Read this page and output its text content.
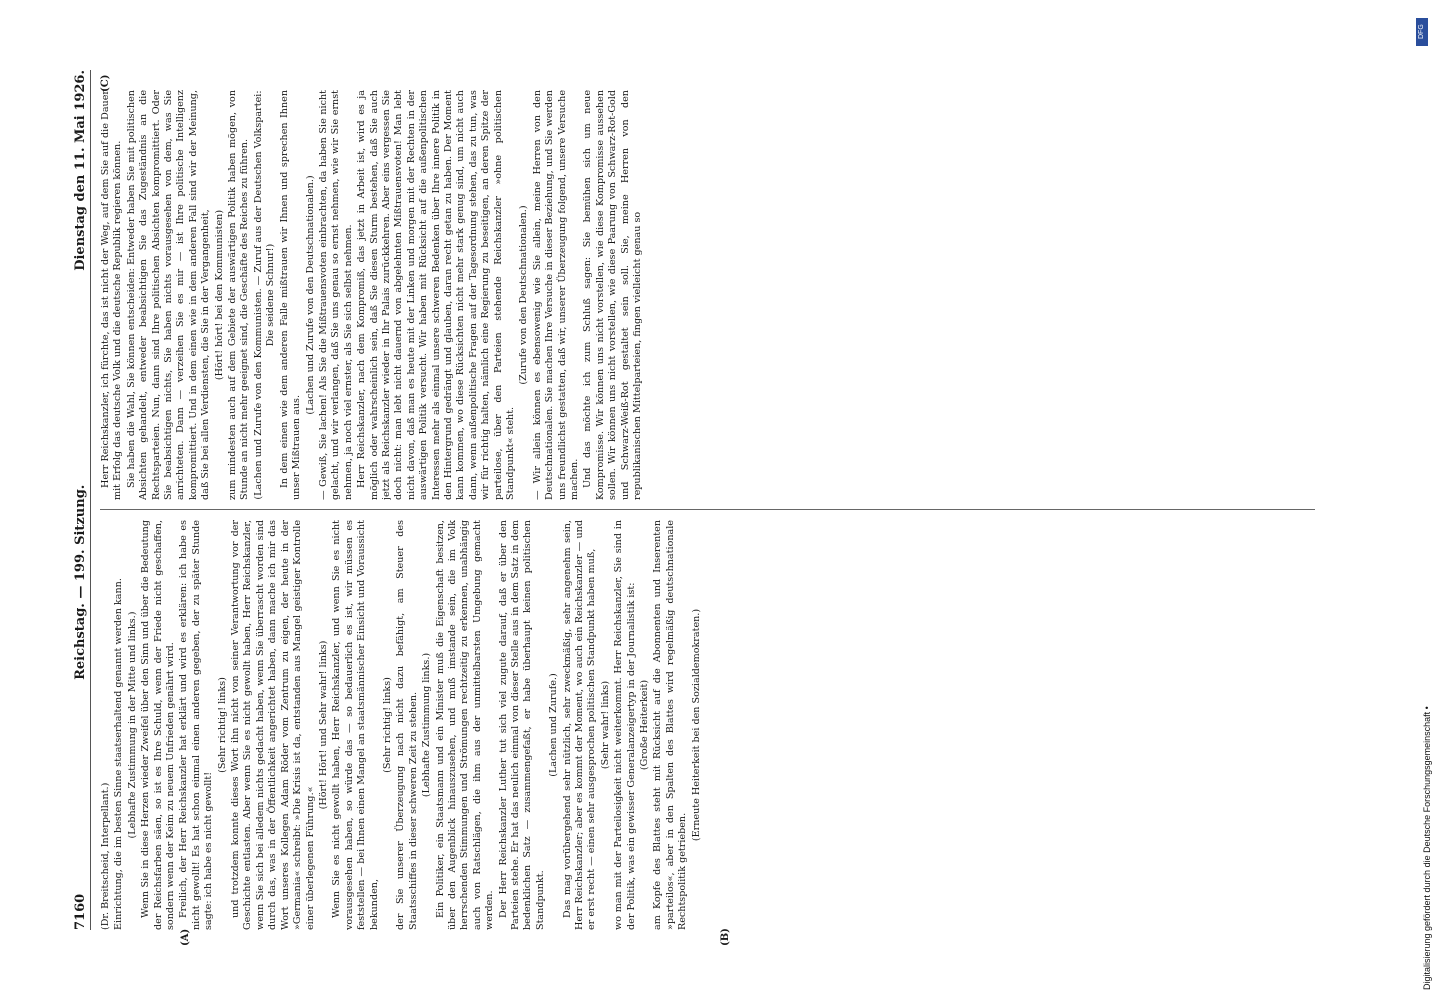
7160
Reichstag. — 199. Sitzung.
Dienstag den 11. Mai 1926.

(Dr. Breitscheid, Interpellant.) Einrichtung, die im besten Sinne staatserhaltend genannt werden kann. (Lebhafte Zustimmung in der Mitte und links.) Wenn Sie in diese Herzen wieder Zweifel über den Sinn und über die Bedeutung der Reichsfarben säen, so ist es Ihre Schuld, wenn der Friede nicht geschaffen, sondern wenn der Keim zu neuem Unfrieden genährt wird. Freilich, der Herr Reichskanzler hat erklärt und wird es erklären: ich habe es nicht gewollt! Es hat schon einmal einen anderen gegeben, der zu später Stunde sagte: ich habe es nicht gewollt!

(Sehr richtig! links) und trotzdem konnte dieses Wort ihn nicht von seiner Verantwortung vor der Geschichte entlasten. Aber wenn Sie es nicht gewollt haben, Herr Reichskanzler, wenn Sie sich bei alledem nichts gedacht haben, wenn Sie überrascht worden sind durch das, was in der Öffentlichkeit angerichtet haben, dann mache ich mir das Wort unseres Kollegen Adam Röder vom Zentrum zu eigen, der heute in der »Germania« schreibt: »Die Krisis ist da, entstanden aus Mangel geistiger Kontrolle einer überlegenen Führung.«

(Hört! Hört! und Sehr wahr! links) Wenn Sie es nicht gewollt haben, Herr Reichskanzler, und wenn Sie es nicht vorausgesehen haben, so würde das — so bedauerlich es ist, wir müssen es feststellen — bei Ihnen einen Mangel an staatsmännischer Einsicht und Voraussicht bekunden,

(Sehr richtig! links) der Sie unserer Überzeugung nach nicht dazu befähigt, am Steuer des Staatsschiffes in dieser schweren Zeit zu stehen. (Lebhafte Zustimmung links.) Ein Politiker, ein Staatsmann und ein Minister muß die Eigenschaft besitzen, über den Augenblick hinauszusehen, und muß imstande sein, die im Volk herrschenden Stimmungen und Strömungen rechtzeitig zu erkennen, unabhängig auch von Ratschlägen, die ihm aus der unmittelbarsten Umgebung gemacht werden. Der Herr Reichskanzler Luther tut sich viel zugute darauf, daß er über den Parteien stehe. Er hat das neulich einmal von dieser Stelle aus in dem Satz in dem bedenklichen Satz — zusammengefaßt, er habe überhaupt keinen politischen Standpunkt.

(Lachen und Zurufe.) Das mag vorübergehend sehr nützlich, sehr zweckmäßig, sehr angenehm sein, Herr Reichskanzler; aber es kommt der Moment, wo auch ein Reichskanzler — und er erst recht — einen sehr ausgesprochen politischen Standpunkt haben muß, (Sehr wahr! links) wo man mit der Parteilosigkeit nicht weiterkommt. Herr Reichskanzler, Sie sind in der Politik, was ein gewisser Generalanzeigertyp in der Journalistik ist: (Große Heiterkeit) am Kopfe des Blattes steht mit Rücksicht auf die Abonnenten und Inserenten »parteilos«, aber in den Spalten des Blattes wird regelmäßig deutschnationale Rechtspolitik getrieben.

(Erneute Heiterkeit bei den Sozialdemokraten.)

Herr Reichskanzler, ich fürchte, das ist nicht der Weg, auf dem Sie auf die Dauer mit Erfolg das deutsche Volk und die deutsche Republik regieren können. Sie haben die Wahl, Sie können entscheiden: Entweder haben Sie mit politischen Absichten gehandelt, entweder beabsichtigen Sie das Zugeständnis an die Rechtsparteien. Nun, dann sind Ihre politischen Absichten kompromittiert. Oder Sie beabsichtigen nichts, Sie haben nichts vorausgesehen von dem, was Sie anrichteten. Dann — verzeihen Sie es mir — ist Ihre politische Intelligenz kompromittiert. Und in dem einen wie in dem anderen Fall sind wir der Meinung, daß Sie bei allen Verdiensten, die Sie in der Vergangenheit, (Hört! hört! bei den Kommunisten) zum mindesten auch auf dem Gebiete der auswärtigen Politik haben mögen, von Stunde an nicht mehr geeignet sind, die Geschäfte des Reiches zu führen. (Lachen und Zurufe von den Kommunisten. — Zuruf aus der Deutschen Volkspartei: Die seidene Schnur!) In dem einen wie dem anderen Falle mißtrauen wir Ihnen und sprechen Ihnen unser Mißtrauen aus.

(Lachen und Zurufe von den Deutschnationalen.) — Gewiß, Sie lachen! Als Sie die Mißtrauensvoten einbrachten, da haben Sie nicht gelacht, und wir verlangen, daß Sie uns genau so ernst nehmen, wie wir Sie ernst nehmen, ja noch viel ernster, als Sie sich selbst nehmen. Herr Reichskanzler, nach dem Kompromiß, das jetzt in Arbeit ist, wird es ja möglich oder wahrscheinlich sein, daß Sie diesen Sturm bestehen, daß Sie auch jetzt als Reichskanzler wieder in Ihr Palais zurückkehren. Aber eins vergessen Sie doch nicht: man lebt nicht dauernd von abgelehnten Mißtrauensvoten! Man lebt nicht davon, daß man es heute mit der Linken und morgen mit der Rechten in der auswärtigen Politik versucht. Wir haben mit Rücksicht auf die außenpolitischen Interessen mehr als einmal unsere schweren Bedenken über Ihre innere Politik in den Hintergrund gedrängt und glauben, daran recht getan zu haben. Der Moment kann kommen, wo diese Rücksichten nicht mehr stark genug sind, um nicht auch dann, wenn außenpolitische Fragen auf der Tagesordnung stehen, das zu tun, was wir für richtig halten, nämlich eine Regierung zu beseitigen, an deren Spitze der parteilose, über den Parteien stehende Reichskanzler »ohne politischen Standpunkt« steht.

(Zurufe von den Deutschnationalen.) — Wir allein können es ebensowenig wie Sie allein, meine Herren von den Deutschnationalen. Sie machen Ihre Versuche in dieser Beziehung, und Sie werden uns freundlichst gestatten, daß wir, unserer Überzeugung folgend, unsere Versuche machen. Und das möchte ich zum Schluß sagen: Sie bemühen sich um neue Kompromisse. Wir können uns nicht vorstellen, wie diese Kompromisse aussehen sollen. Wir können uns nicht vorstellen, wie diese Paarung von Schwarz-Rot-Gold und Schwarz-Weiß-Rot gestaltet sein soll. Sie, meine Herren von den republikanischen Mittelparteien, fingen vielleicht genau so

(A)	(B)
(C)
DFG
Digitalisierung gefördert durch die Deutsche Forschungsgemeinschaft •
